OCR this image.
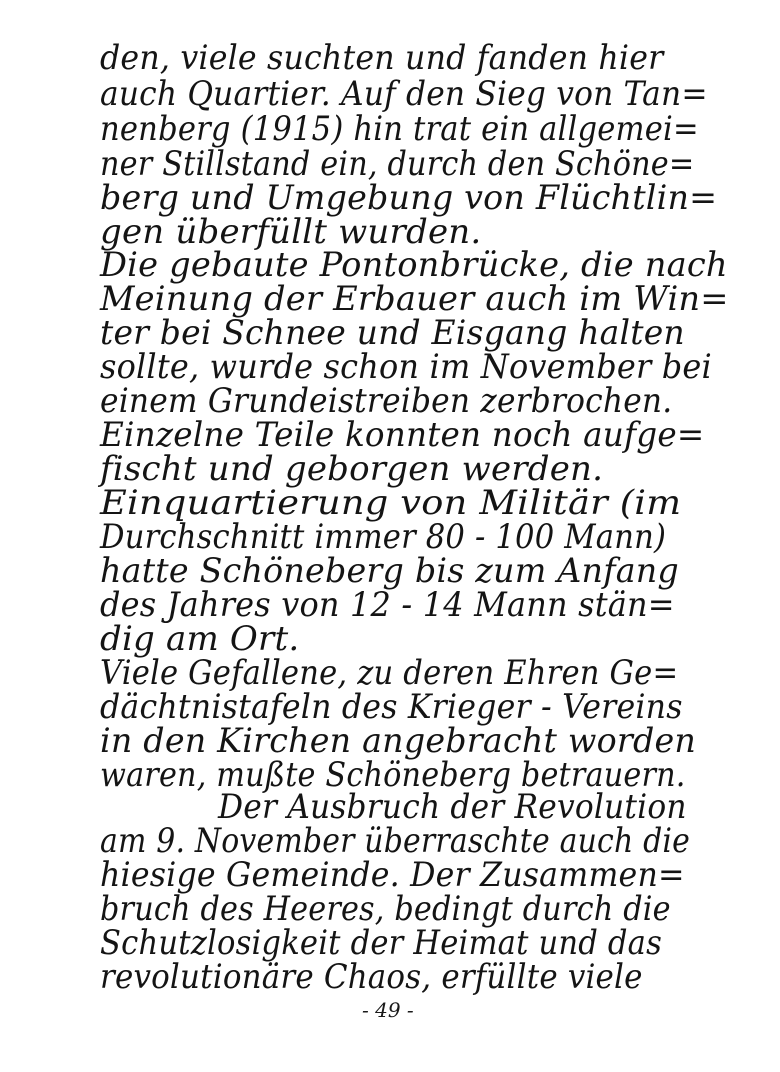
den, viele suchten und fanden hier
auch Quartier. Auf den Sieg von Tan=
nenberg (1915) hin trat ein allgemei=
ner Stillstand ein, durch den Schöne=
berg und Umgebung von Flüchtlin=
gen überfüllt wurden.
Die gebaute Pontonbrücke, die nach
Meinung der Erbauer auch im Win=
ter bei Schnee und Eisgang halten
sollte, wurde schon im November bei
einem Grundeistreiben zerbrochen.
Einzelne Teile konnten noch aufge=
fischt und geborgen werden.
Einquartierung von Militär (im
Durchschnitt immer 80 - 100 Mann)
hatte Schöneberg bis zum Anfang
des Jahres von 12 - 14 Mann stän=
dig am Ort.
Viele Gefallene, zu deren Ehren Ge=
dächtnistafeln des Krieger - Vereins
in den Kirchen angebracht worden
waren, mußte Schöneberg betrauern.
Der Ausbruch der Revolution
am 9. November überraschte auch die
hiesige Gemeinde. Der Zusammen=
bruch des Heeres, bedingt durch die
Schutzlosigkeit der Heimat und das
revolutionäre Chaos, erfüllte viele
- 49 -
